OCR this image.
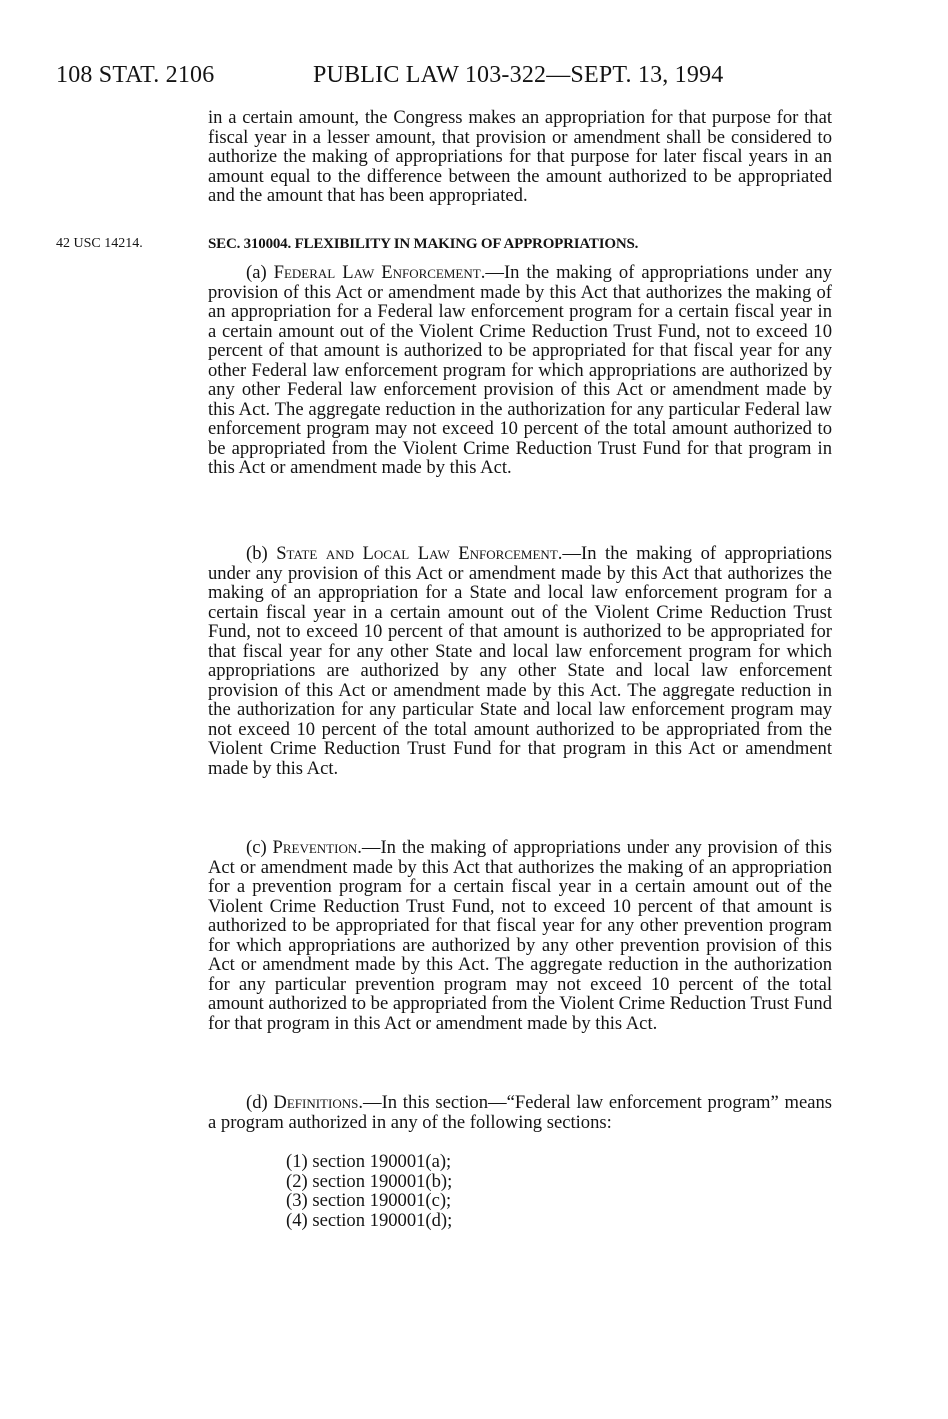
108 STAT. 2106	PUBLIC LAW 103-322—SEPT. 13, 1994
in a certain amount, the Congress makes an appropriation for that purpose for that fiscal year in a lesser amount, that provision or amendment shall be considered to authorize the making of appropriations for that purpose for later fiscal years in an amount equal to the difference between the amount authorized to be appropriated and the amount that has been appropriated.
42 USC 14214.	SEC. 310004. FLEXIBILITY IN MAKING OF APPROPRIATIONS.
(a) Federal Law Enforcement.—In the making of appropriations under any provision of this Act or amendment made by this Act that authorizes the making of an appropriation for a Federal law enforcement program for a certain fiscal year in a certain amount out of the Violent Crime Reduction Trust Fund, not to exceed 10 percent of that amount is authorized to be appropriated for that fiscal year for any other Federal law enforcement program for which appropriations are authorized by any other Federal law enforcement provision of this Act or amendment made by this Act. The aggregate reduction in the authorization for any particular Federal law enforcement program may not exceed 10 percent of the total amount authorized to be appropriated from the Violent Crime Reduction Trust Fund for that program in this Act or amendment made by this Act.
(b) State and Local Law Enforcement.—In the making of appropriations under any provision of this Act or amendment made by this Act that authorizes the making of an appropriation for a State and local law enforcement program for a certain fiscal year in a certain amount out of the Violent Crime Reduction Trust Fund, not to exceed 10 percent of that amount is authorized to be appropriated for that fiscal year for any other State and local law enforcement program for which appropriations are authorized by any other State and local law enforcement provision of this Act or amendment made by this Act. The aggregate reduction in the authorization for any particular State and local law enforcement program may not exceed 10 percent of the total amount authorized to be appropriated from the Violent Crime Reduction Trust Fund for that program in this Act or amendment made by this Act.
(c) Prevention.—In the making of appropriations under any provision of this Act or amendment made by this Act that authorizes the making of an appropriation for a prevention program for a certain fiscal year in a certain amount out of the Violent Crime Reduction Trust Fund, not to exceed 10 percent of that amount is authorized to be appropriated for that fiscal year for any other prevention program for which appropriations are authorized by any other prevention provision of this Act or amendment made by this Act. The aggregate reduction in the authorization for any particular prevention program may not exceed 10 percent of the total amount authorized to be appropriated from the Violent Crime Reduction Trust Fund for that program in this Act or amendment made by this Act.
(d) Definitions.—In this section—“Federal law enforcement program” means a program authorized in any of the following sections:
(1) section 190001(a);
(2) section 190001(b);
(3) section 190001(c);
(4) section 190001(d);
